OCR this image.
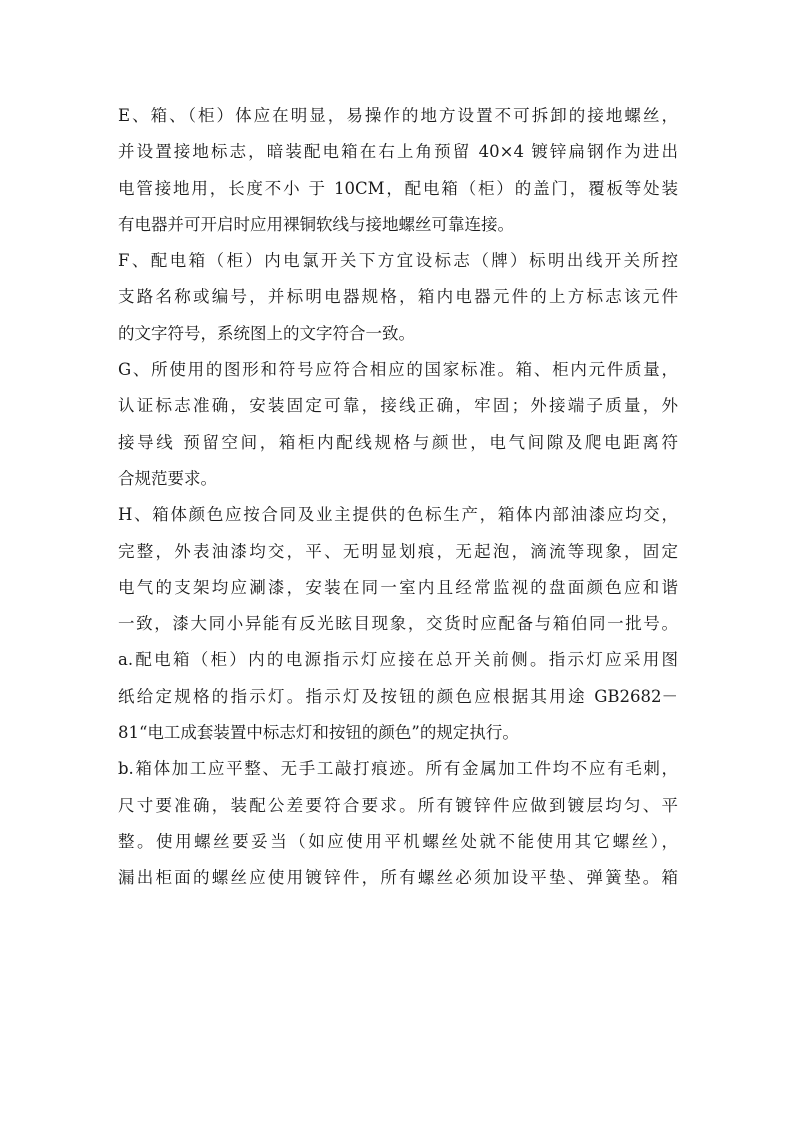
E、箱、（柜）体应在明显，易操作的地方设置不可拆卸的接地螺丝，
并设置接地标志，暗装配电箱在右上角预留 40×4 镀锌扁钢作为进出
电管接地用，长度不小 于 10CM，配电箱（柜）的盖门，覆板等处装
有电器并可开启时应用裸铜软线与接地螺丝可靠连接。
F、配电箱（柜）内电氯开关下方宜设标志（牌）标明出线开关所控
支路名称或编号，并标明电器规格，箱内电器元件的上方标志该元件
的文字符号，系统图上的文字符合一致。
G、所使用的图形和符号应符合相应的国家标准。箱、柜内元件质量，
认证标志准确，安装固定可靠，接线正确，牢固；外接端子质量，外
接导线 预留空间，箱柜内配线规格与颜世，电气间隙及爬电距离符
合规范要求。
H、箱体颜色应按合同及业主提供的色标生产，箱体内部油漆应均交，
完整，外表油漆均交，平、无明显划痕，无起泡，滴流等现象，固定
电气的支架均应涮漆，安装在同一室内且经常监视的盘面颜色应和谐
一致，漆大同小异能有反光眩目现象，交货时应配备与箱伯同一批号。
a.配电箱（柜）内的电源指示灯应接在总开关前侧。指示灯应采用图
纸给定规格的指示灯。指示灯及按钮的颜色应根据其用途 GB2682－
81“电工成套装置中标志灯和按钮的颜色”的规定执行。
b.箱体加工应平整、无手工敲打痕迹。所有金属加工件均不应有毛刺，
尺寸要准确，装配公差要符合要求。所有镀锌件应做到镀层均匀、平
整。使用螺丝要妥当（如应使用平机螺丝处就不能使用其它螺丝），
漏出柜面的螺丝应使用镀锌件，所有螺丝必须加设平垫、弹簧垫。箱
